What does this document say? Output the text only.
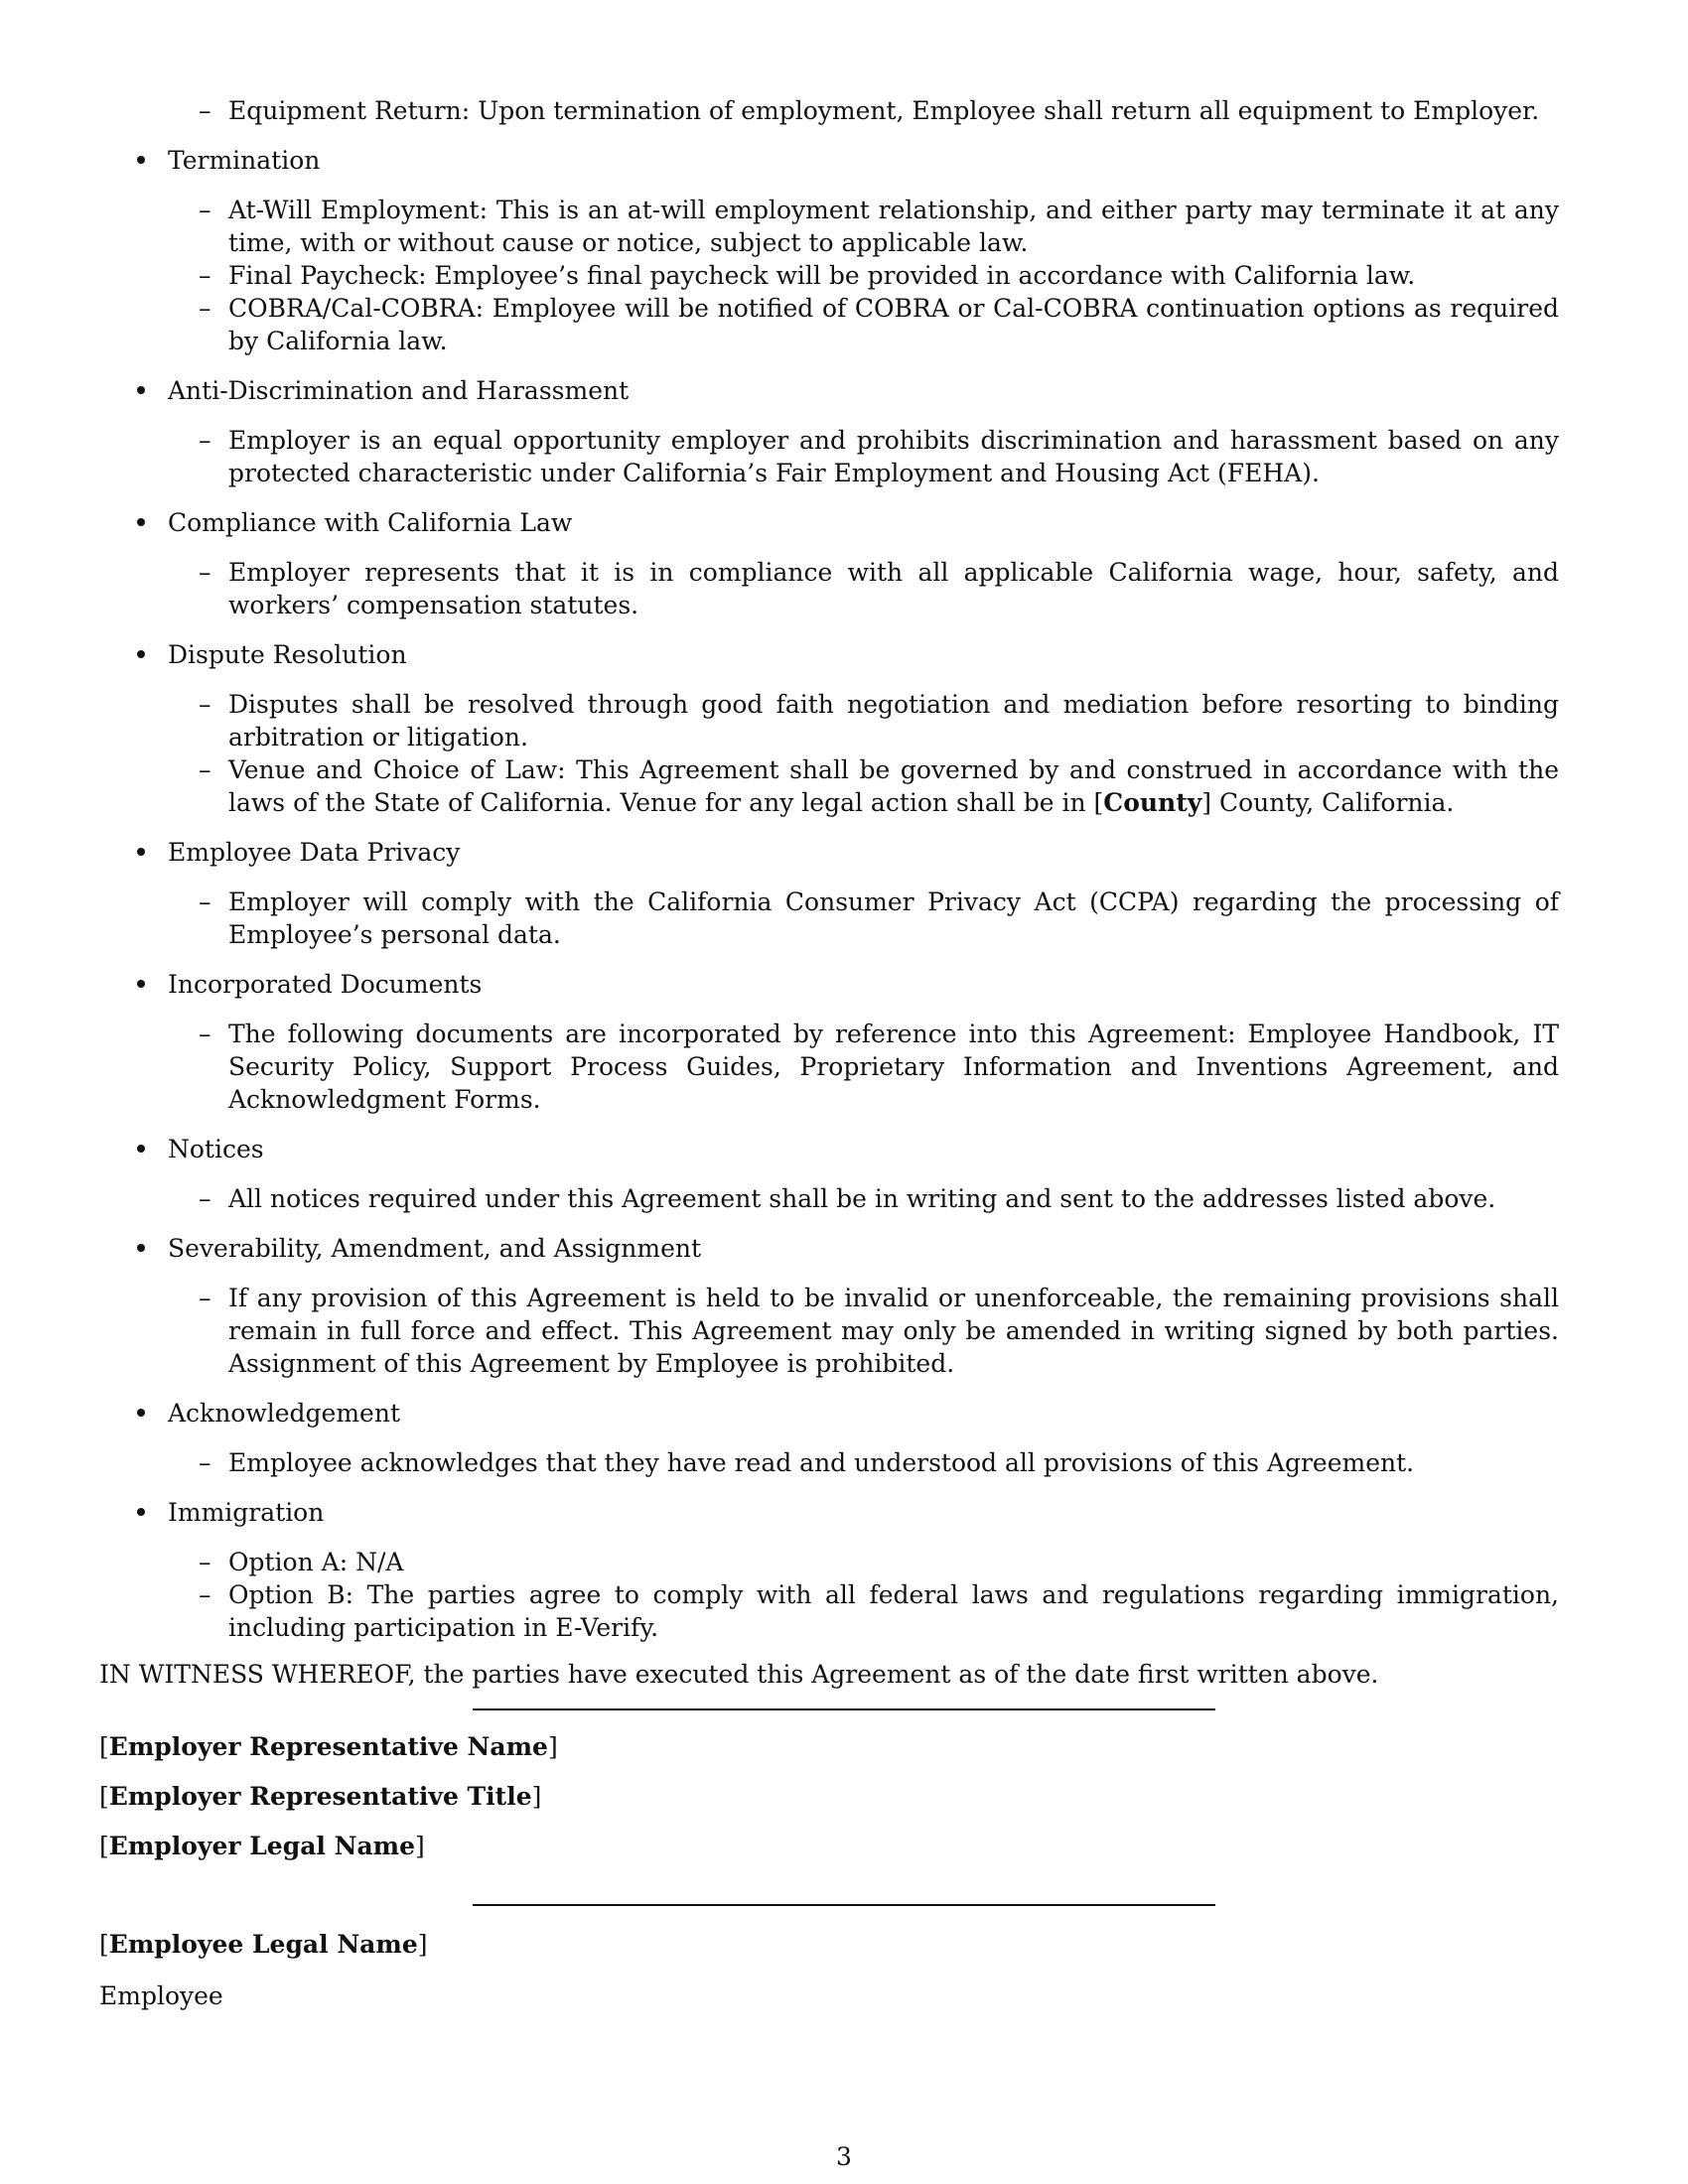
– Equipment Return: Upon termination of employment, Employee shall return all equipment to Employer.
Termination
– At-Will Employment: This is an at-will employment relationship, and either party may terminate it at any time, with or without cause or notice, subject to applicable law.
– Final Paycheck: Employee’s final paycheck will be provided in accordance with California law.
– COBRA/Cal-COBRA: Employee will be notified of COBRA or Cal-COBRA continuation options as required by California law.
Anti-Discrimination and Harassment
– Employer is an equal opportunity employer and prohibits discrimination and harassment based on any protected characteristic under California’s Fair Employment and Housing Act (FEHA).
Compliance with California Law
– Employer represents that it is in compliance with all applicable California wage, hour, safety, and workers’ compensation statutes.
Dispute Resolution
– Disputes shall be resolved through good faith negotiation and mediation before resorting to binding arbitration or litigation.
– Venue and Choice of Law: This Agreement shall be governed by and construed in accordance with the laws of the State of California. Venue for any legal action shall be in [County] County, California.
Employee Data Privacy
– Employer will comply with the California Consumer Privacy Act (CCPA) regarding the processing of Employee’s personal data.
Incorporated Documents
– The following documents are incorporated by reference into this Agreement: Employee Handbook, IT Security Policy, Support Process Guides, Proprietary Information and Inventions Agreement, and Acknowledgment Forms.
Notices
– All notices required under this Agreement shall be in writing and sent to the addresses listed above.
Severability, Amendment, and Assignment
– If any provision of this Agreement is held to be invalid or unenforceable, the remaining provisions shall remain in full force and effect. This Agreement may only be amended in writing signed by both parties. Assignment of this Agreement by Employee is prohibited.
Acknowledgement
– Employee acknowledges that they have read and understood all provisions of this Agreement.
Immigration
– Option A: N/A
– Option B: The parties agree to comply with all federal laws and regulations regarding immigration, including participation in E-Verify.
IN WITNESS WHEREOF, the parties have executed this Agreement as of the date first written above.
[Employer Representative Name]
[Employer Representative Title]
[Employer Legal Name]
[Employee Legal Name]
Employee
3
